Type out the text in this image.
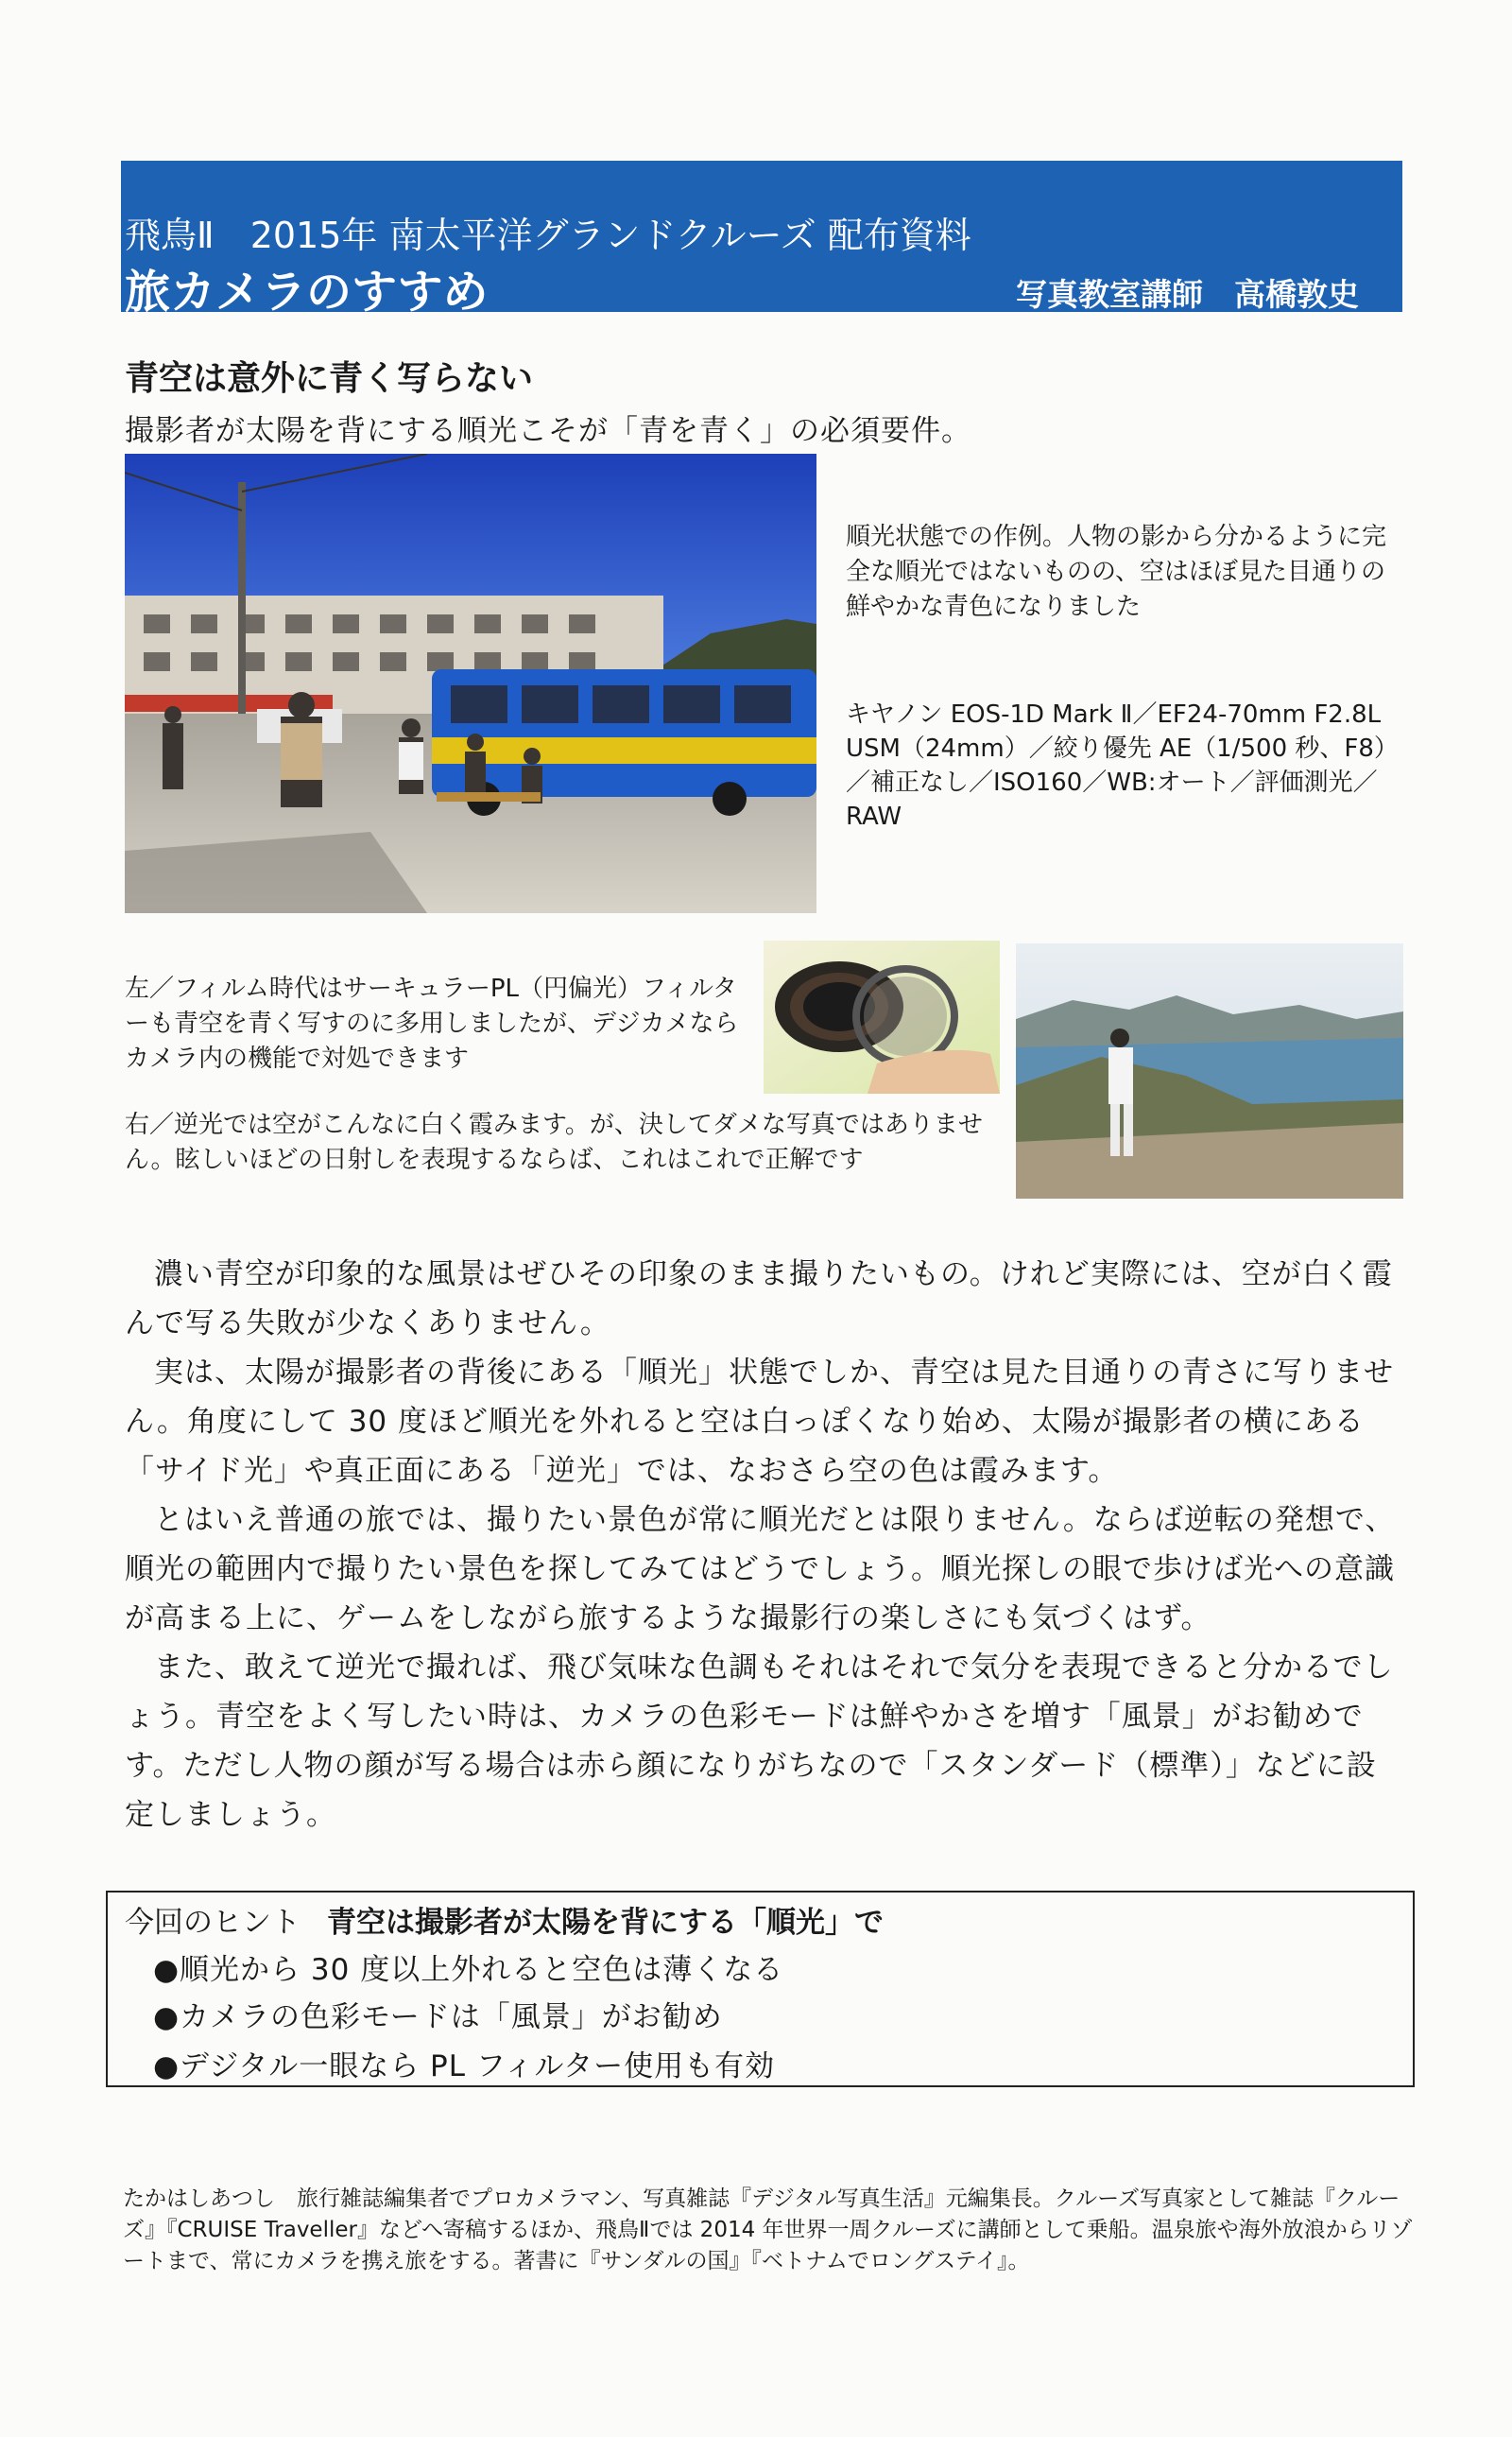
飛鳥Ⅱ　2015年 南太平洋グランドクルーズ 配布資料
旅カメラのすすめ	写真教室講師　高橋敦史
青空は意外に青く写らない
撮影者が太陽を背にする順光こそが「青を青く」の必須要件。
順光状態での作例。人物の影から分かるように完全な順光ではないものの、空はほぼ見た目通りの鮮やかな青色になりました
キヤノン EOS-1D Mark Ⅱ／EF24-70mm F2.8L USM（24mm）／絞り優先 AE（1/500 秒、F8）／補正なし／ISO160／WB:オート／評価測光／RAW
左／フィルム時代はサーキュラーPL（円偏光）フィルターも青空を青く写すのに多用しましたが、デジカメならカメラ内の機能で対処できます
右／逆光では空がこんなに白く霞みます。が、決してダメな写真ではありません。眩しいほどの日射しを表現するならば、これはこれで正解です

濃い青空が印象的な風景はぜひその印象のまま撮りたいもの。けれど実際には、空が白く霞んで写る失敗が少なくありません。

実は、太陽が撮影者の背後にある「順光」状態でしか、青空は見た目通りの青さに写りません。角度にして 30 度ほど順光を外れると空は白っぽくなり始め、太陽が撮影者の横にある「サイド光」や真正面にある「逆光」では、なおさら空の色は霞みます。

とはいえ普通の旅では、撮りたい景色が常に順光だとは限りません。ならば逆転の発想で、順光の範囲内で撮りたい景色を探してみてはどうでしょう。順光探しの眼で歩けば光への意識が高まる上に、ゲームをしながら旅するような撮影行の楽しさにも気づくはず。

また、敢えて逆光で撮れば、飛び気味な色調もそれはそれで気分を表現できると分かるでしょう。青空をよく写したい時は、カメラの色彩モードは鮮やかさを増す「風景」がお勧めです。ただし人物の顔が写る場合は赤ら顔になりがちなので「スタンダード（標準）」などに設定しましょう。

今回のヒント 青空は撮影者が太陽を背にする「順光」で
●順光から 30 度以上外れると空色は薄くなる
●カメラの色彩モードは「風景」がお勧め
●デジタル一眼なら PL フィルター使用も有効
たかはしあつし　旅行雑誌編集者でプロカメラマン、写真雑誌『デジタル写真生活』元編集長。クルーズ写真家として雑誌『クルーズ』『CRUISE Traveller』などへ寄稿するほか、飛鳥Ⅱでは 2014 年世界一周クルーズに講師として乗船。温泉旅や海外放浪からリゾートまで、常にカメラを携え旅をする。著書に『サンダルの国』『ベトナムでロングステイ』。
